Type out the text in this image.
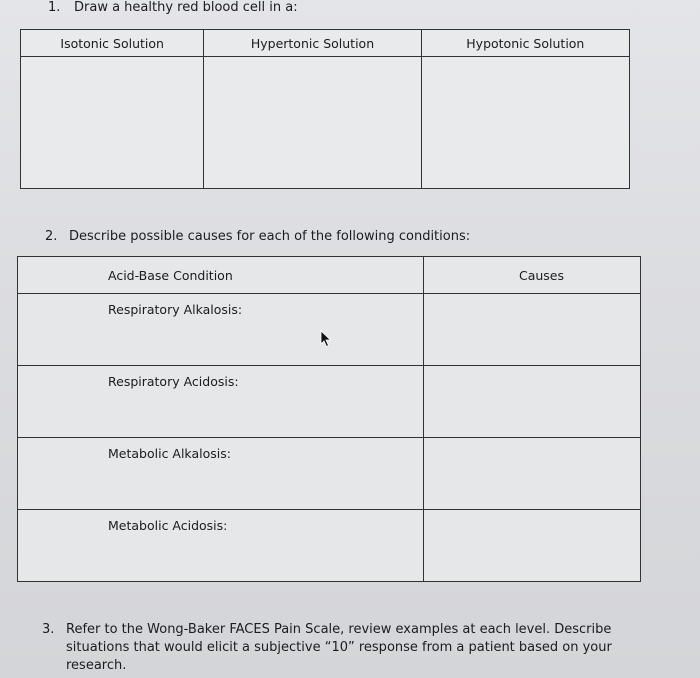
1. Draw a healthy red blood cell in a:
Isotonic Solution	Hypertonic Solution	Hypotonic Solution

2. Describe possible causes for each of the following conditions:
Acid-Base Condition	Causes
Respiratory Alkalosis:	
Respiratory Acidosis:	
Metabolic Alkalosis:	
Metabolic Acidosis:	
3. Refer to the Wong-Baker FACES Pain Scale, review examples at each level. Describe situations that would elicit a subjective “10” response from a patient based on your research.
